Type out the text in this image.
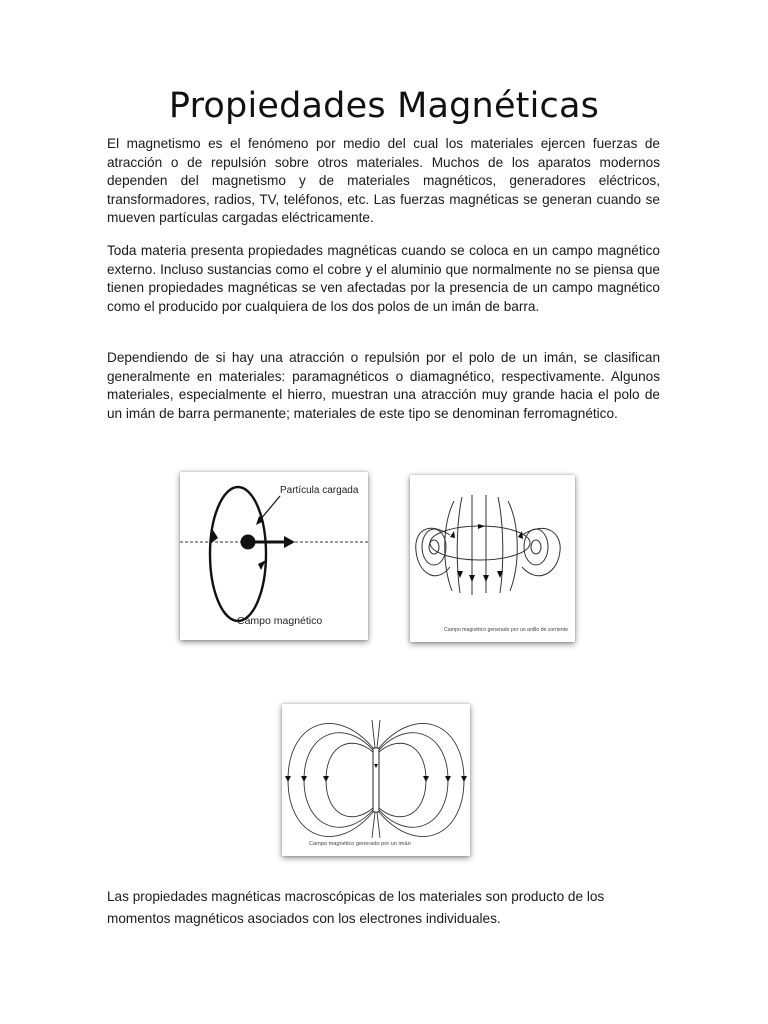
Propiedades Magnéticas

El magnetismo es el fenómeno por medio del cual los materiales ejercen fuerzas de atracción o de repulsión sobre otros materiales. Muchos de los aparatos modernos dependen del magnetismo y de materiales magnéticos, generadores eléctricos, transformadores, radios, TV, teléfonos, etc. Las fuerzas magnéticas se generan cuando se mueven partículas cargadas eléctricamente.

Toda materia presenta propiedades magnéticas cuando se coloca en un campo magnético externo. Incluso sustancias como el cobre y el aluminio que normalmente no se piensa que tienen propiedades magnéticas se ven afectadas por la presencia de un campo magnético como el producido por cualquiera de los dos polos de un imán de barra.

Dependiendo de si hay una atracción o repulsión por el polo de un imán, se clasifican generalmente en materiales: paramagnéticos o diamagnético, respectivamente. Algunos materiales, especialmente el hierro, muestran una atracción muy grande hacia el polo de un imán de barra permanente; materiales de este tipo se denominan ferromagnético.

Partícula cargada
Campo magnético
Campo magnético generado por un anillo de corriente
Campo magnético generado por un imán

Las propiedades magnéticas macroscópicas de los materiales son producto de los momentos magnéticos asociados con los electrones individuales.
